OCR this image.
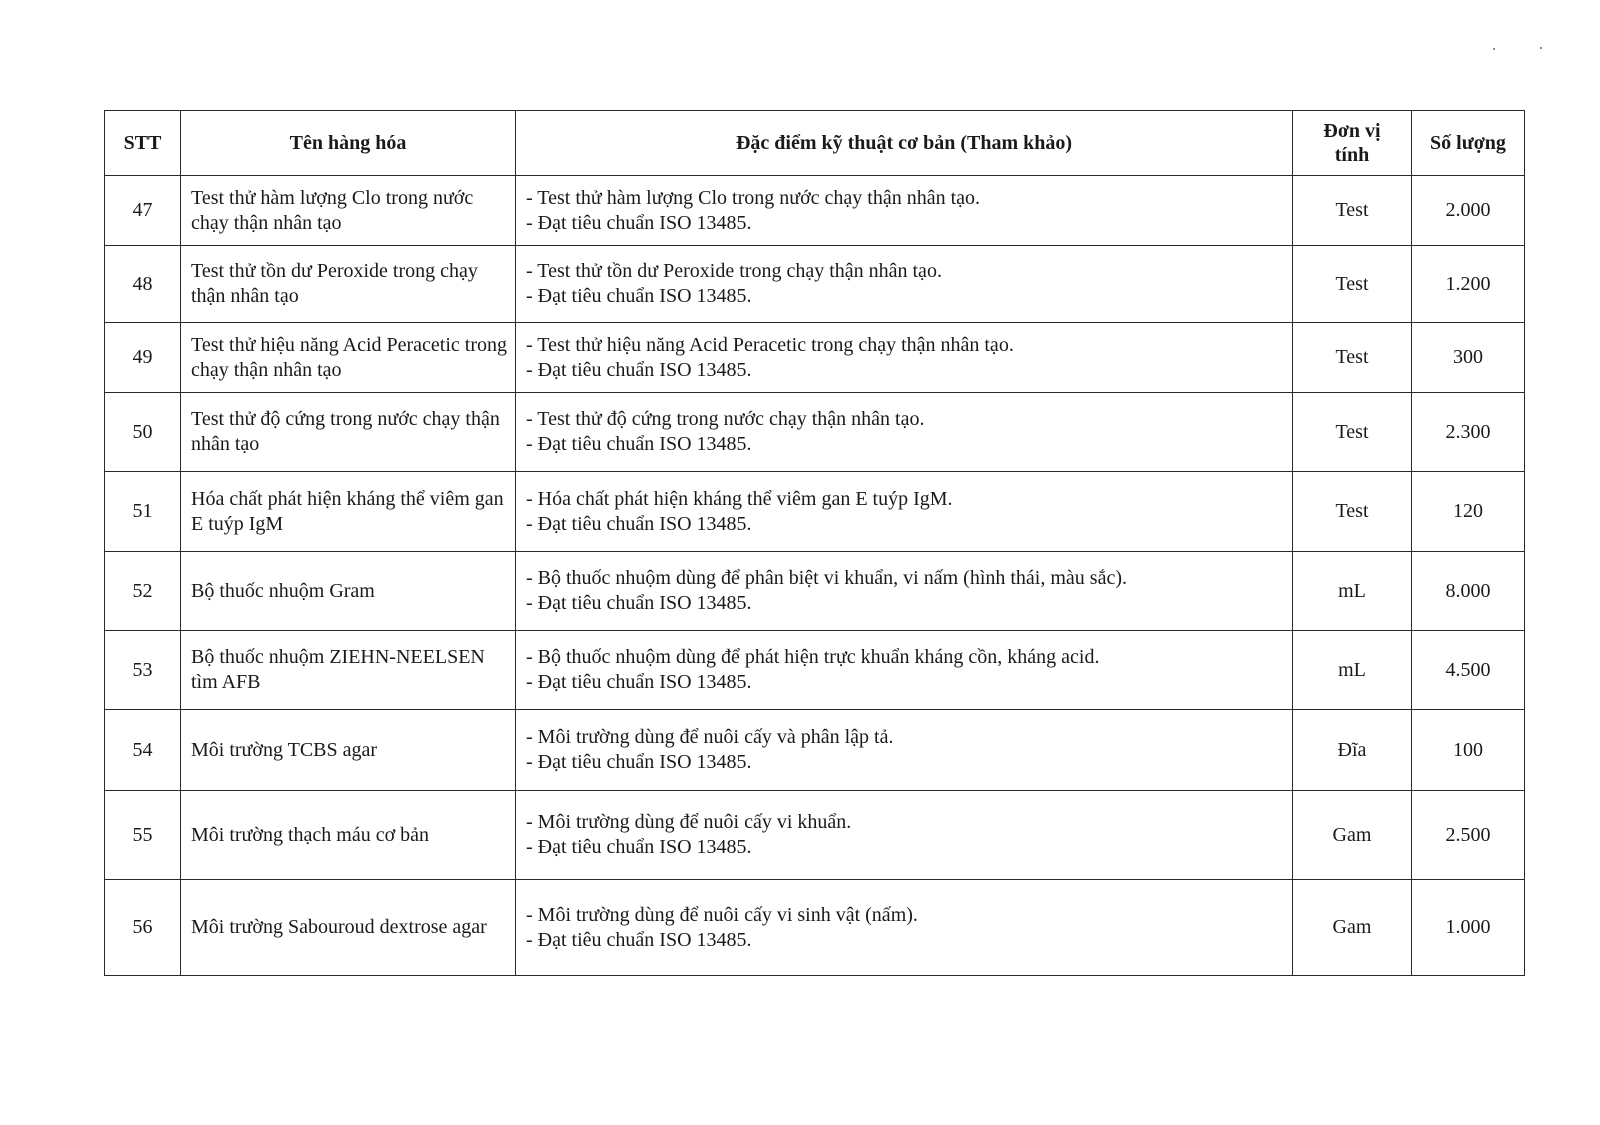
STT	Tên hàng hóa	Đặc điểm kỹ thuật cơ bản (Tham khảo)	Đơn vị
tính	Số lượng
47	Test thử hàm lượng Clo trong nước chạy thận nhân tạo	- Test thử hàm lượng Clo trong nước chạy thận nhân tạo.
- Đạt tiêu chuẩn ISO 13485.	Test	2.000
48	Test thử tồn dư Peroxide trong chạy thận nhân tạo	- Test thử tồn dư Peroxide trong chạy thận nhân tạo.
- Đạt tiêu chuẩn ISO 13485.	Test	1.200
49	Test thử hiệu năng Acid Peracetic trong chạy thận nhân tạo	- Test thử hiệu năng Acid Peracetic trong chạy thận nhân tạo.
- Đạt tiêu chuẩn ISO 13485.	Test	300
50	Test thử độ cứng trong nước chạy thận nhân tạo	- Test thử độ cứng trong nước chạy thận nhân tạo.
- Đạt tiêu chuẩn ISO 13485.	Test	2.300
51	Hóa chất phát hiện kháng thể viêm gan E tuýp IgM	- Hóa chất phát hiện kháng thể viêm gan E tuýp IgM.
- Đạt tiêu chuẩn ISO 13485.	Test	120
52	Bộ thuốc nhuộm Gram	- Bộ thuốc nhuộm dùng để phân biệt vi khuẩn, vi nấm (hình thái, màu sắc).
- Đạt tiêu chuẩn ISO 13485.	mL	8.000
53	Bộ thuốc nhuộm ZIEHN-NEELSEN tìm AFB	- Bộ thuốc nhuộm dùng để phát hiện trực khuẩn kháng cồn, kháng acid.
- Đạt tiêu chuẩn ISO 13485.	mL	4.500
54	Môi trường TCBS agar	- Môi trường dùng để nuôi cấy và phân lập tả.
- Đạt tiêu chuẩn ISO 13485.	Đĩa	100
55	Môi trường thạch máu cơ bản	- Môi trường dùng để nuôi cấy vi khuẩn.
- Đạt tiêu chuẩn ISO 13485.	Gam	2.500
56	Môi trường Sabouroud dextrose agar	- Môi trường dùng để nuôi cấy vi sinh vật (nấm).
- Đạt tiêu chuẩn ISO 13485.	Gam	1.000
